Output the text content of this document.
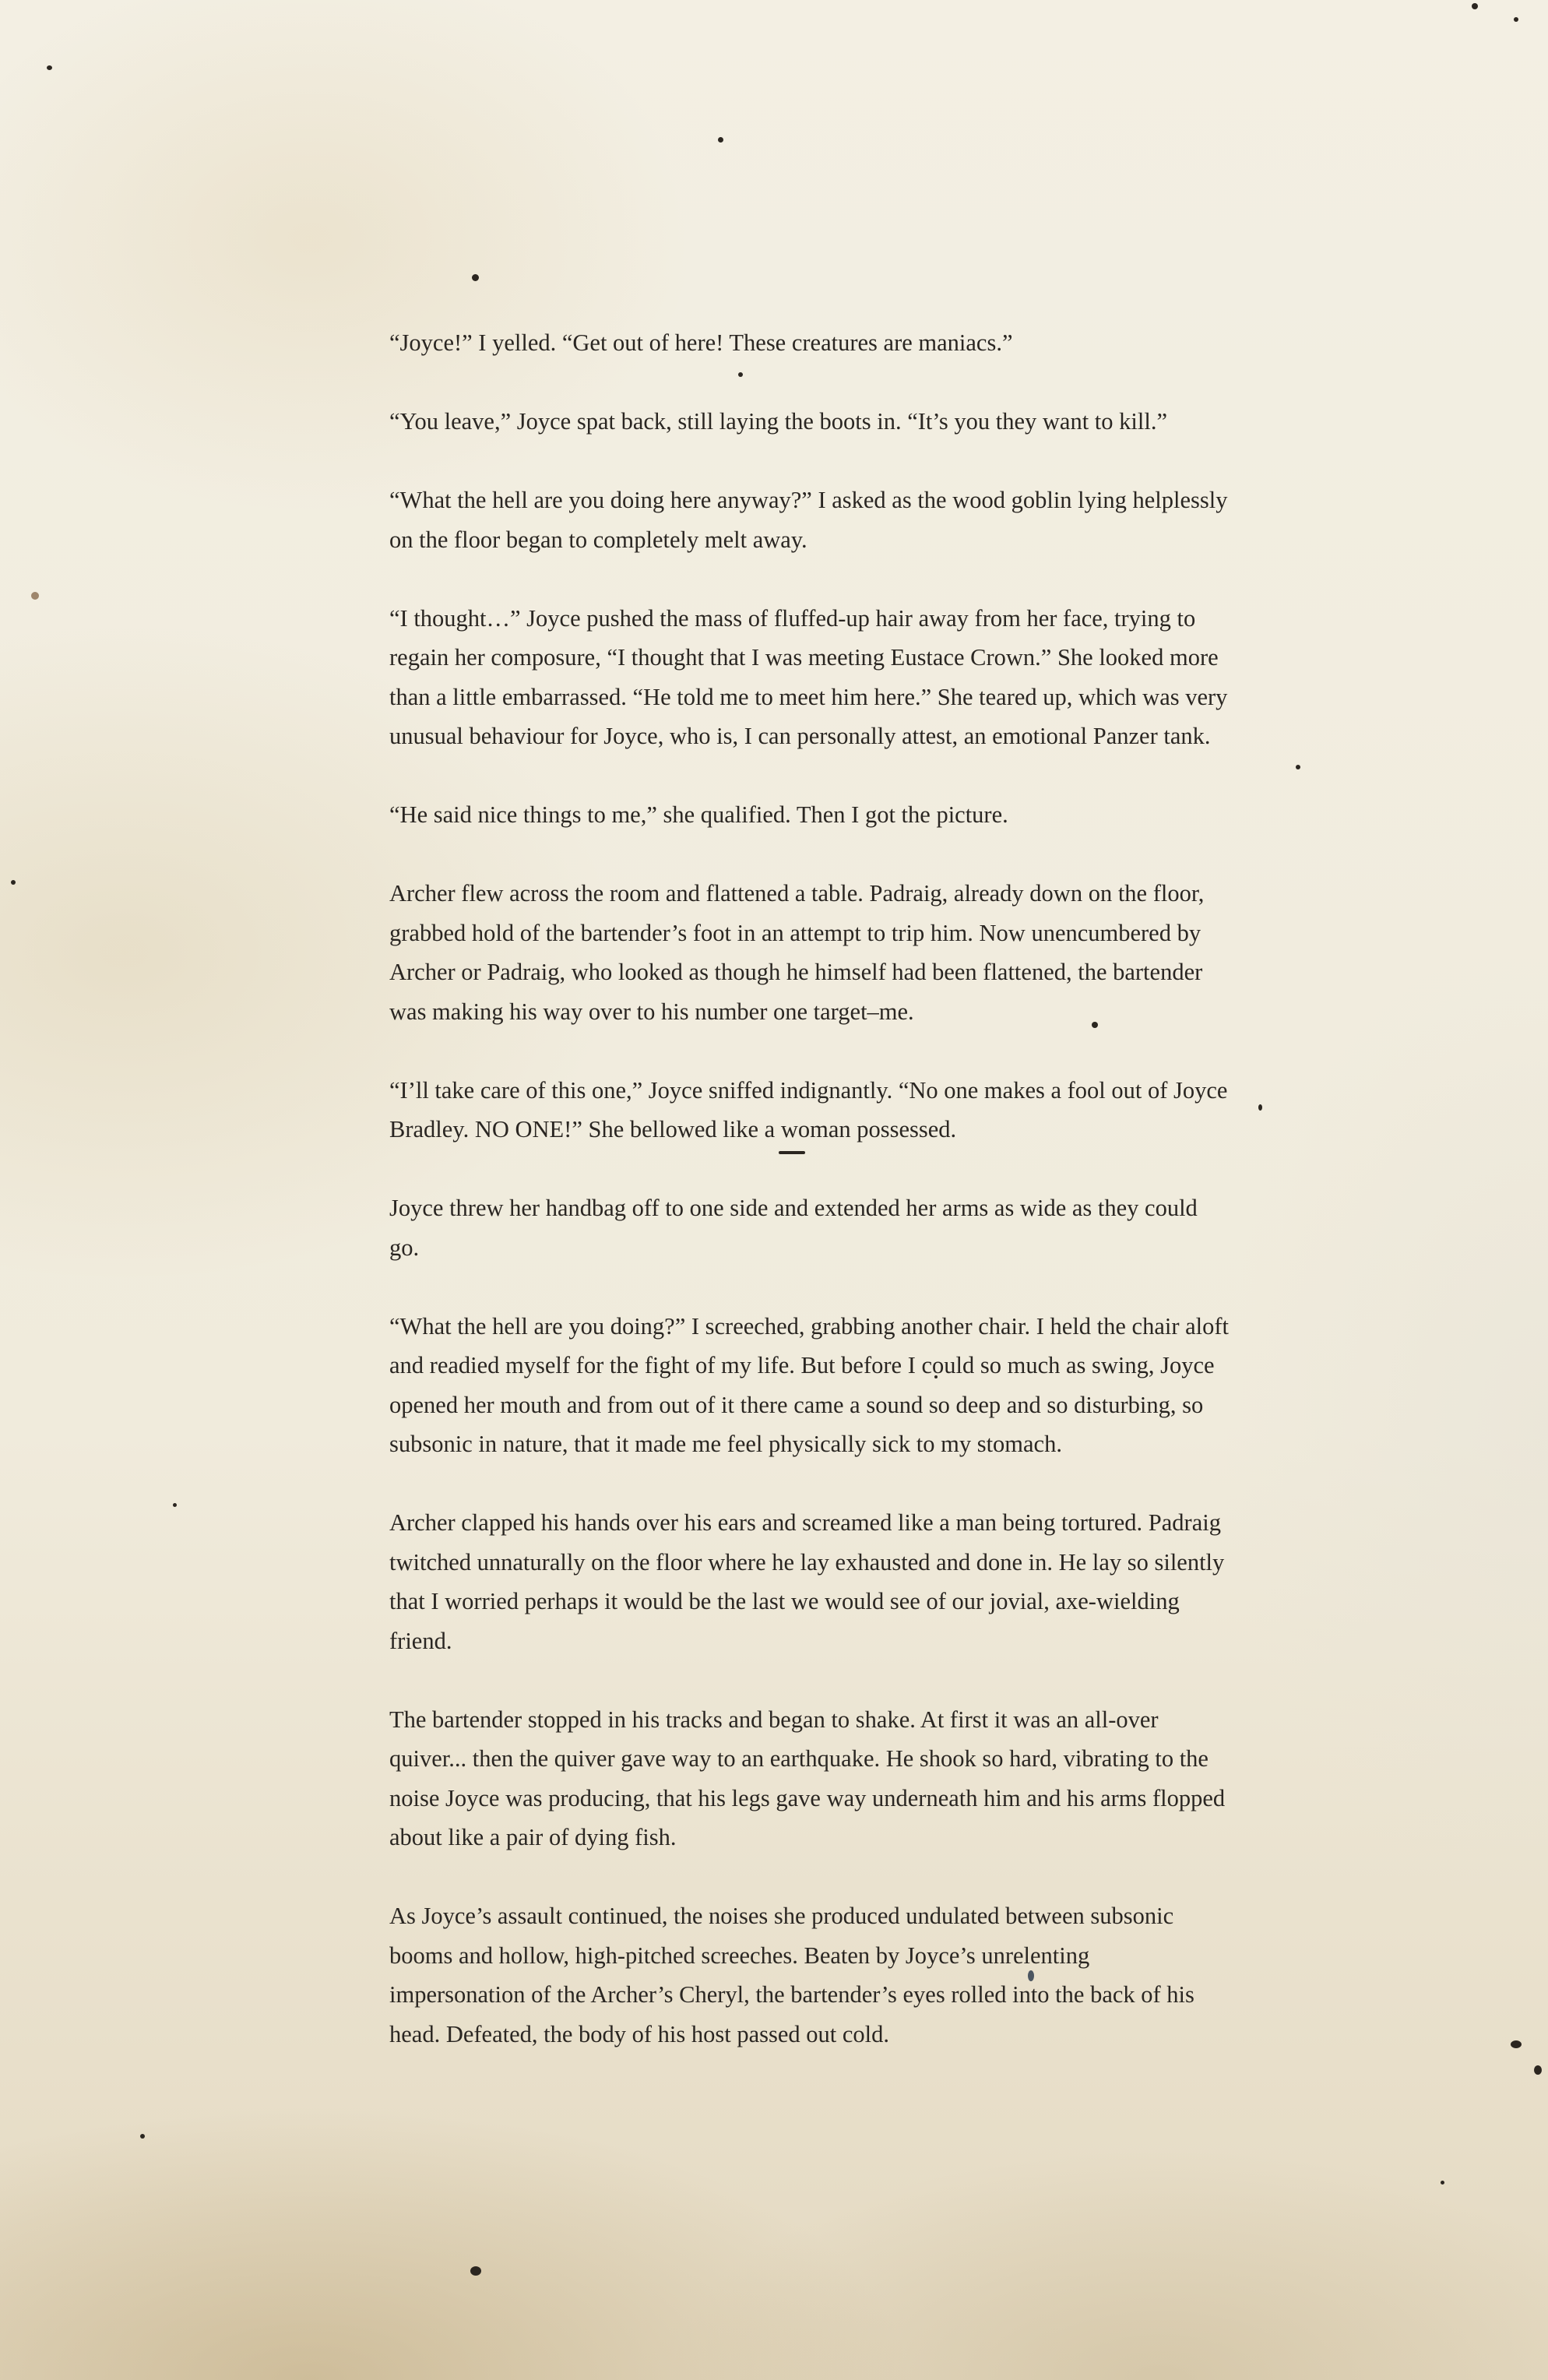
“Joyce!” I yelled. “Get out of here! These creatures are maniacs.”

“You leave,” Joyce spat back, still laying the boots in. “It’s you they want to kill.”

“What the hell are you doing here anyway?” I asked as the wood goblin lying helplessly on the floor began to completely melt away.

“I thought…” Joyce pushed the mass of fluffed-up hair away from her face, trying to regain her composure, “I thought that I was meeting Eustace Crown.” She looked more than a little embarrassed. “He told me to meet him here.” She teared up, which was very unusual behaviour for Joyce, who is, I can personally attest, an emotional Panzer tank.

“He said nice things to me,” she qualified. Then I got the picture.

Archer flew across the room and flattened a table. Padraig, already down on the floor, grabbed hold of the bartender’s foot in an attempt to trip him. Now unencumbered by Archer or Padraig, who looked as though he himself had been flattened, the bartender was making his way over to his number one target–me.

“I’ll take care of this one,” Joyce sniffed indignantly. “No one makes a fool out of Joyce Bradley. NO ONE!” She bellowed like a woman possessed.

Joyce threw her handbag off to one side and extended her arms as wide as they could go.

“What the hell are you doing?” I screeched, grabbing another chair. I held the chair aloft and readied myself for the fight of my life. But before I could so much as swing, Joyce opened her mouth and from out of it there came a sound so deep and so disturbing, so subsonic in nature, that it made me feel physically sick to my stomach.

Archer clapped his hands over his ears and screamed like a man being tortured. Padraig twitched unnaturally on the floor where he lay exhausted and done in. He lay so silently that I worried perhaps it would be the last we would see of our jovial, axe-wielding friend.

The bartender stopped in his tracks and began to shake. At first it was an all-over quiver... then the quiver gave way to an earthquake. He shook so hard, vibrating to the noise Joyce was producing, that his legs gave way underneath him and his arms flopped about like a pair of dying fish.

As Joyce’s assault continued, the noises she produced undulated between subsonic booms and hollow, high-pitched screeches. Beaten by Joyce’s unrelenting impersonation of the Archer’s Cheryl, the bartender’s eyes rolled into the back of his head. Defeated, the body of his host passed out cold.
